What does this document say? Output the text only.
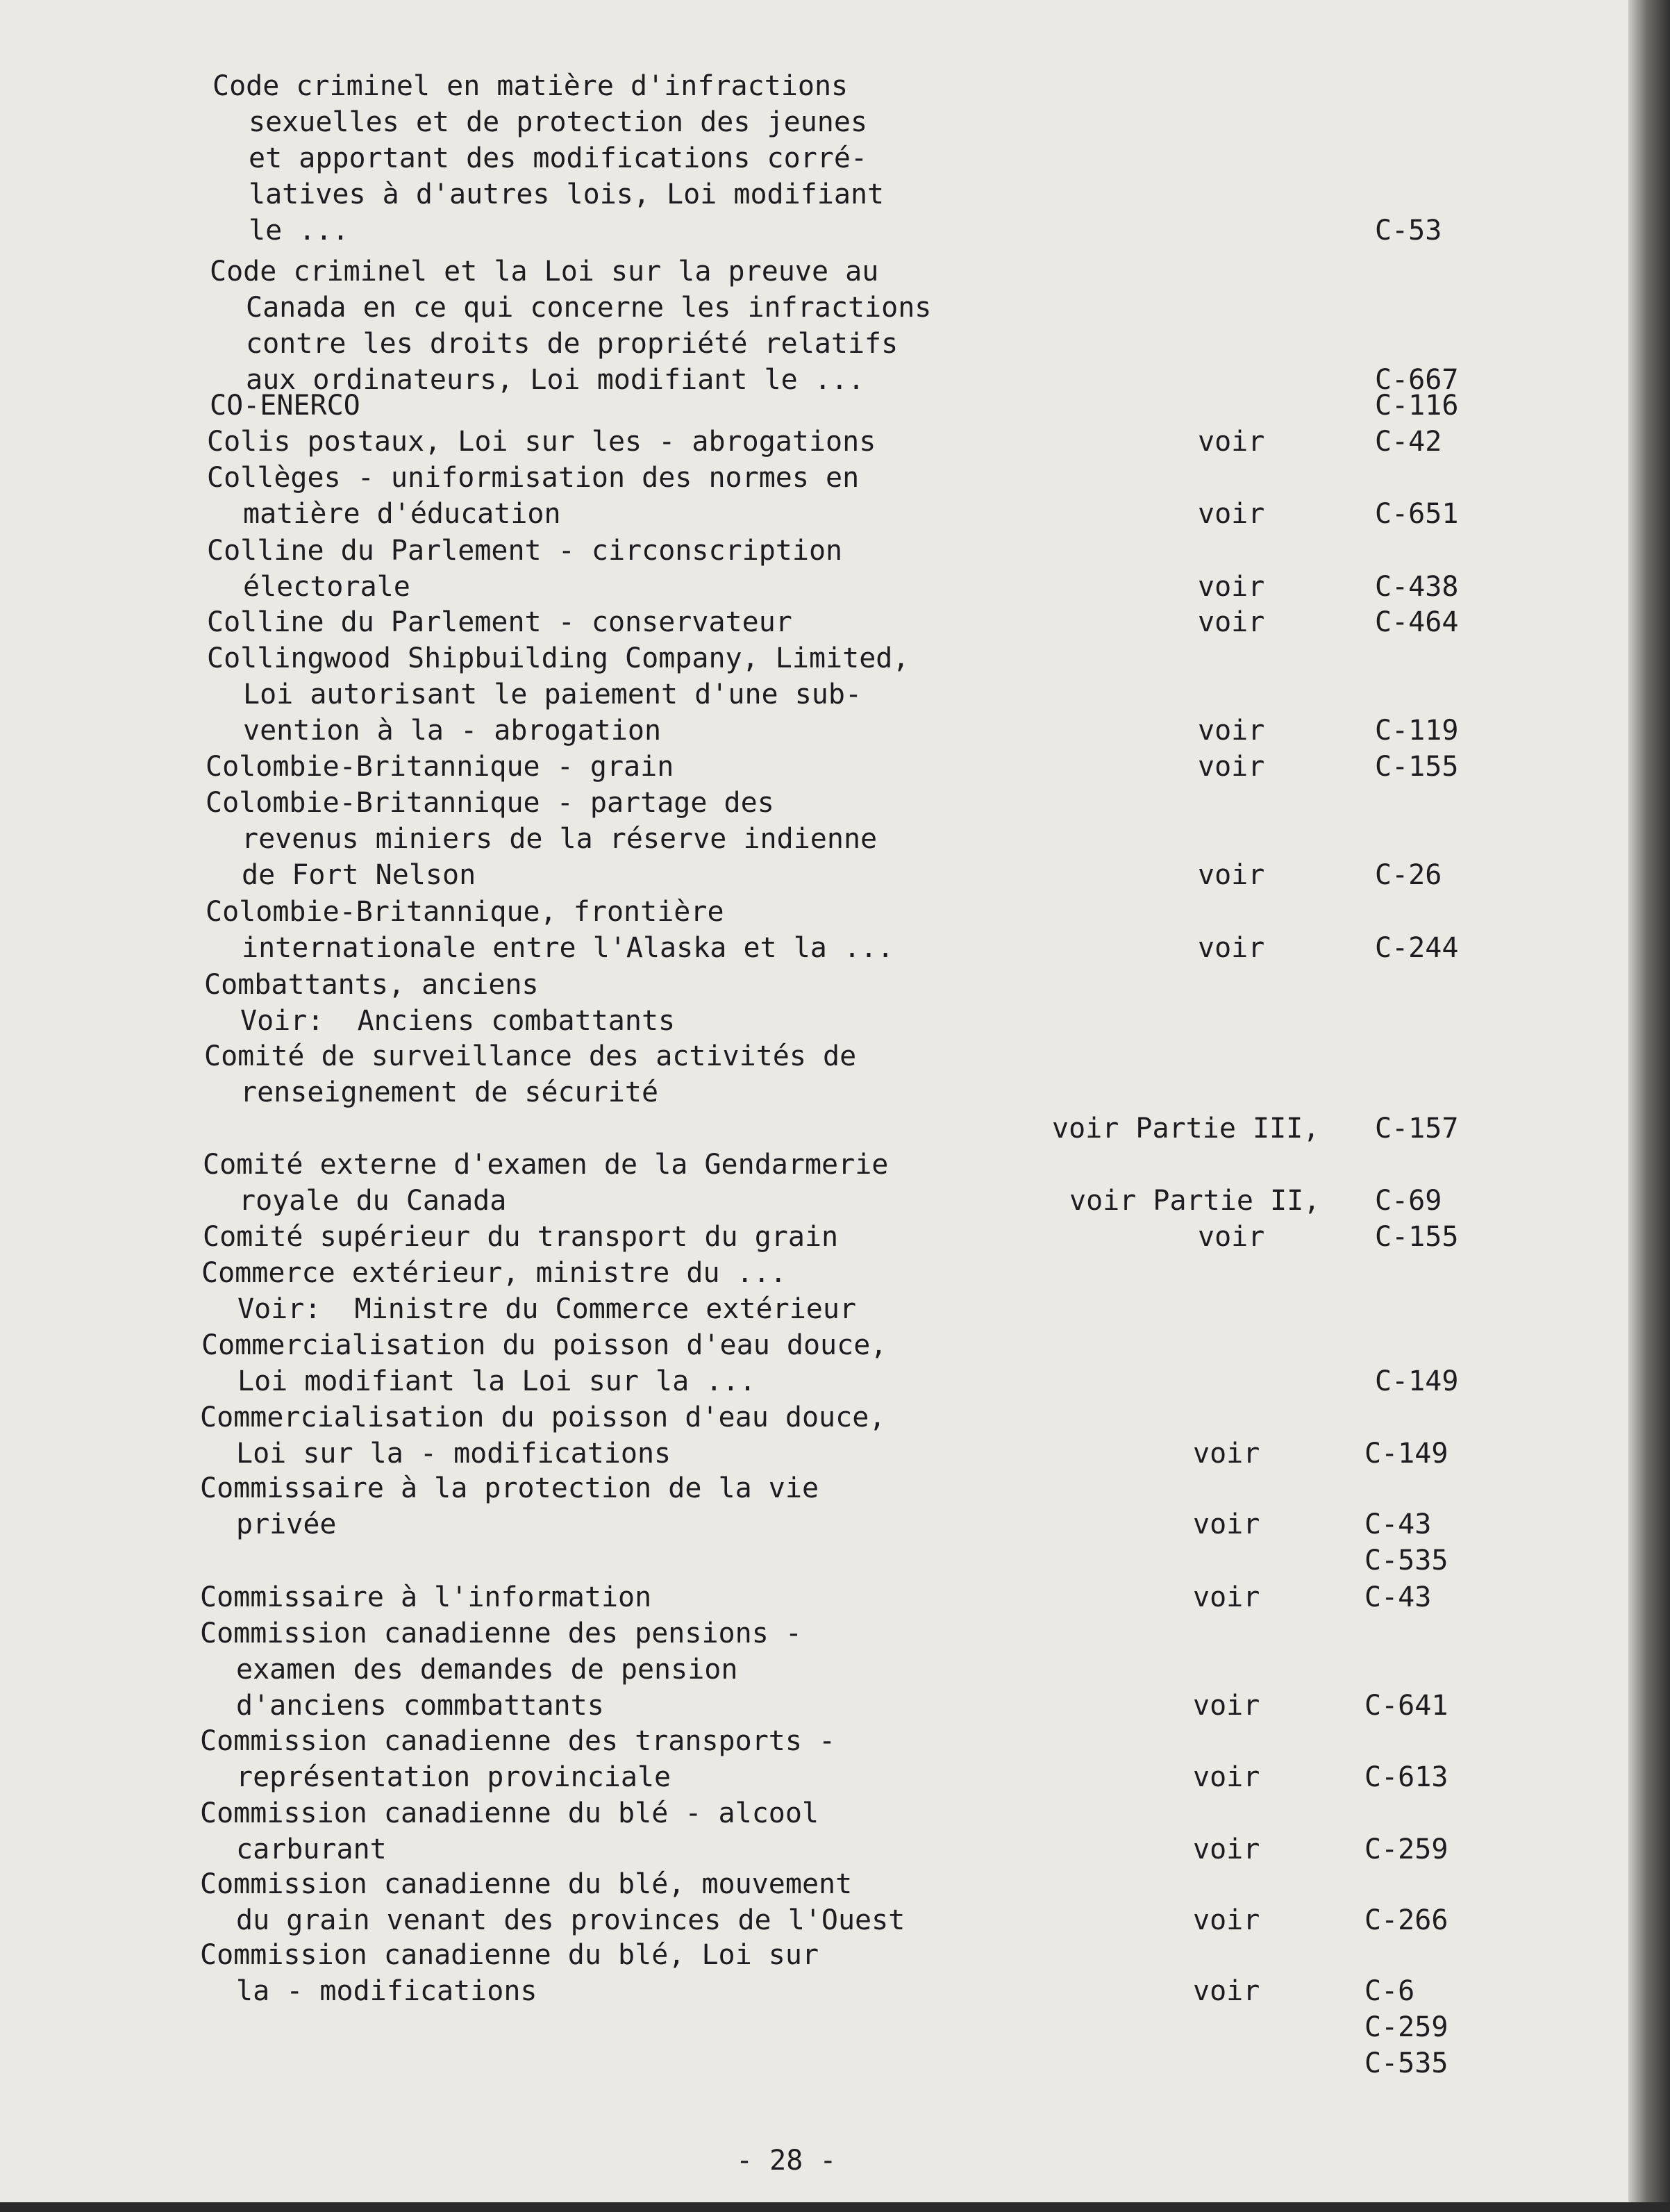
Code criminel en matière d'infractions
sexuelles et de protection des jeunes
et apportant des modifications corré-
latives à d'autres lois, Loi modifiant
le ...	C-53
Code criminel et la Loi sur la preuve au
Canada en ce qui concerne les infractions
contre les droits de propriété relatifs
aux ordinateurs, Loi modifiant le ...	C-667
CO-ENERCO	C-116
Colis postaux, Loi sur les - abrogations	voir	C-42
Collèges - uniformisation des normes en
matière d'éducation	voir	C-651
Colline du Parlement - circonscription
électorale	voir	C-438
Colline du Parlement - conservateur	voir	C-464
Collingwood Shipbuilding Company, Limited,
Loi autorisant le paiement d'une sub-
vention à la - abrogation	voir	C-119
Colombie-Britannique - grain	voir	C-155
Colombie-Britannique - partage des
revenus miniers de la réserve indienne
de Fort Nelson	voir	C-26
Colombie-Britannique, frontière
internationale entre l'Alaska et la ...	voir	C-244
Combattants, anciens
Voir:  Anciens combattants
Comité de surveillance des activités de
renseignement de sécurité
voir Partie III, C-157
Comité externe d'examen de la Gendarmerie
royale du Canada	voir Partie II, C-69
Comité supérieur du transport du grain	voir	C-155
Commerce extérieur, ministre du ...
Voir:  Ministre du Commerce extérieur
Commercialisation du poisson d'eau douce,
Loi modifiant la Loi sur la ...	C-149
Commercialisation du poisson d'eau douce,
Loi sur la - modifications	voir	C-149
Commissaire à la protection de la vie
privée	voir	C-43
C-535
Commissaire à l'information	voir	C-43
Commission canadienne des pensions -
examen des demandes de pension
d'anciens commbattants	voir	C-641
Commission canadienne des transports -
représentation provinciale	voir	C-613
Commission canadienne du blé - alcool
carburant	voir	C-259
Commission canadienne du blé, mouvement
du grain venant des provinces de l'Ouest	voir	C-266
Commission canadienne du blé, Loi sur
la - modifications	voir	C-6
C-259
C-535
- 28 -
